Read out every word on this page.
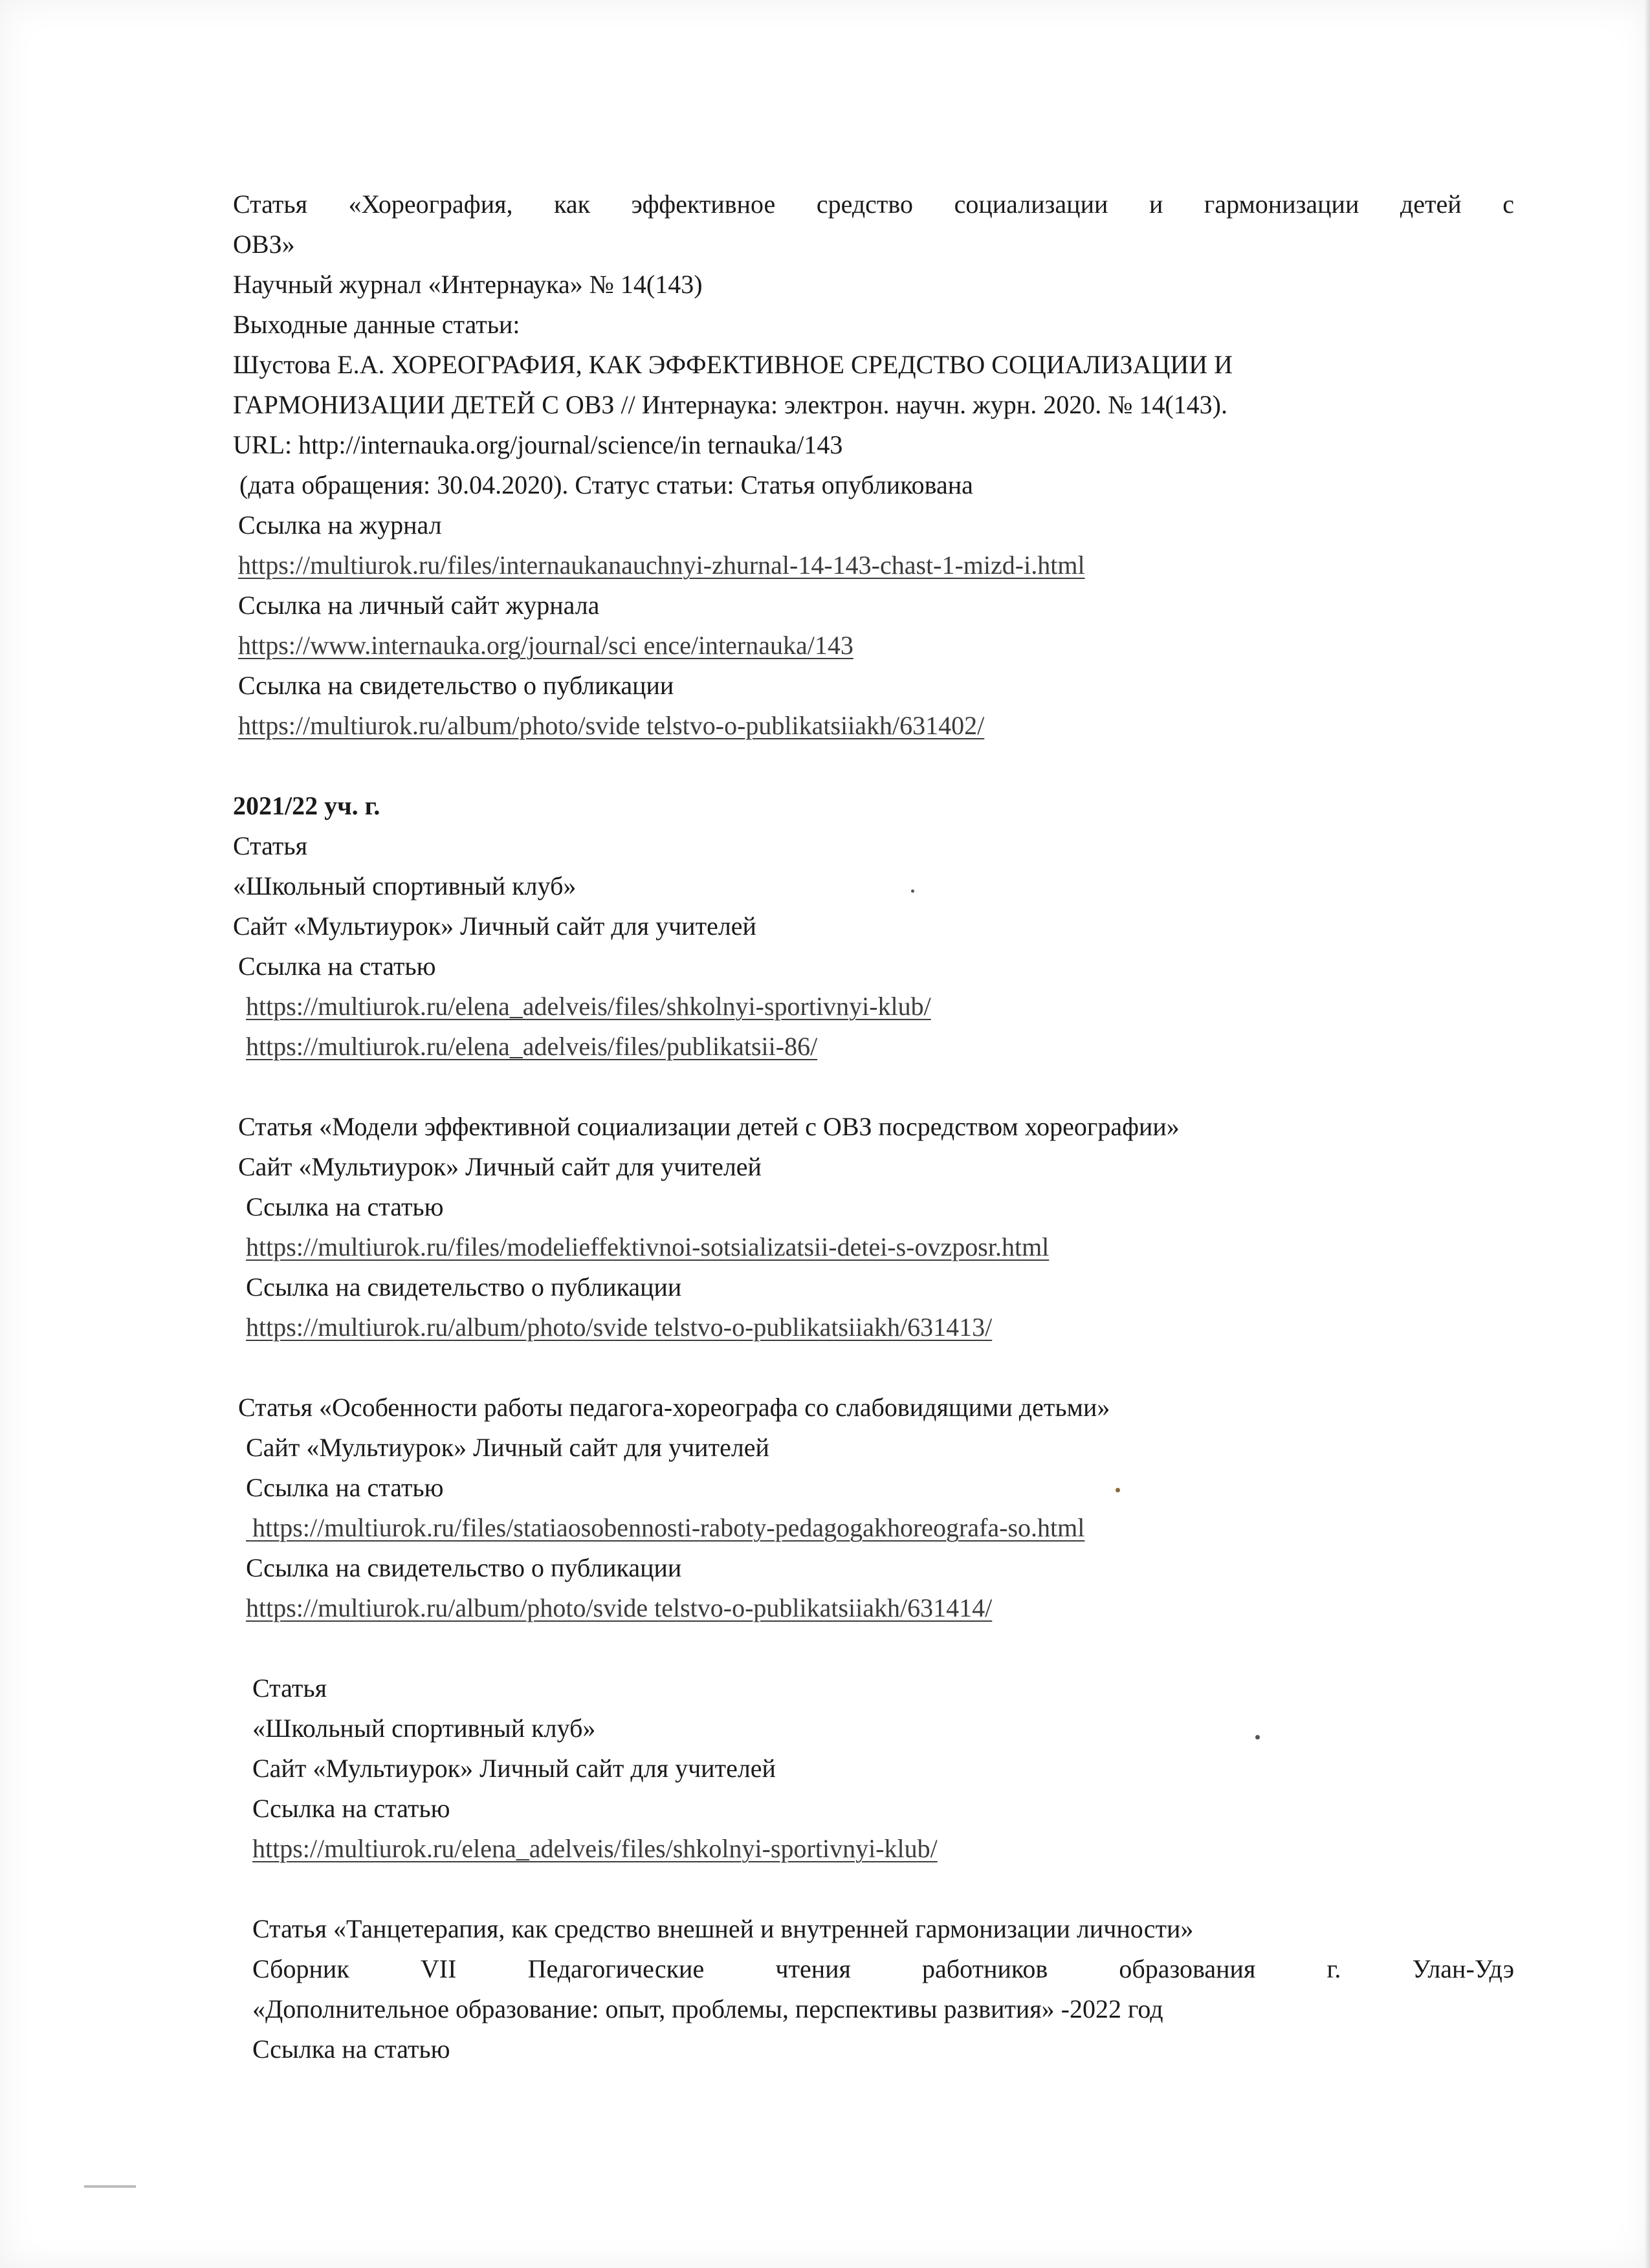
Статья «Хореография, как эффективное средство социализации и гармонизации детей с

ОВЗ»

Научный журнал «Интернаука» № 14(143)

Выходные данные статьи:

Шустова Е.А. ХОРЕОГРАФИЯ, КАК ЭФФЕКТИВНОЕ СРЕДСТВО СОЦИАЛИЗАЦИИ И

ГАРМОНИЗАЦИИ ДЕТЕЙ С ОВЗ // Интернаука: электрон. научн. журн. 2020. № 14(143).

URL: http://internauka.org/journal/science/in ternauka/143

(дата обращения: 30.04.2020). Статус статьи: Статья опубликована

Ссылка на журнал

https://multiurok.ru/files/internaukanauchnyi-zhurnal-14-143-chast-1-mizd-i.html

Ссылка на личный сайт журнала

https://www.internauka.org/journal/sci ence/internauka/143

Ссылка на свидетельство о публикации

https://multiurok.ru/album/photo/svide telstvo-o-publikatsiiakh/631402/

2021/22 уч. г.

Статья

«Школьный спортивный клуб»

Сайт «Мультиурок» Личный сайт для учителей

Ссылка на статью

https://multiurok.ru/elena_adelveis/files/shkolnyi-sportivnyi-klub/
https://multiurok.ru/elena_adelveis/files/publikatsii-86/

Статья «Модели эффективной социализации детей с ОВЗ посредством хореографии»

Сайт «Мультиурок» Личный сайт для учителей

Ссылка на статью

https://multiurok.ru/files/modelieffektivnoi-sotsializatsii-detei-s-ovzposr.html

Ссылка на свидетельство о публикации

https://multiurok.ru/album/photo/svide telstvo-o-publikatsiiakh/631413/

Статья «Особенности работы педагога-хореографа со слабовидящими детьми»

Сайт «Мультиурок» Личный сайт для учителей

Ссылка на статью

https://multiurok.ru/files/statiaosobennosti-raboty-pedagogakhoreografa-so.html

Ссылка на свидетельство о публикации

https://multiurok.ru/album/photo/svide telstvo-o-publikatsiiakh/631414/

Статья

«Школьный спортивный клуб»

Сайт «Мультиурок» Личный сайт для учителей

Ссылка на статью

https://multiurok.ru/elena_adelveis/files/shkolnyi-sportivnyi-klub/

Статья «Танцетерапия, как средство внешней и внутренней гармонизации личности»

Сборник VII Педагогические чтения работников образования г. Улан-Удэ

«Дополнительное образование: опыт, проблемы, перспективы развития» -2022 год

Ссылка на статью
